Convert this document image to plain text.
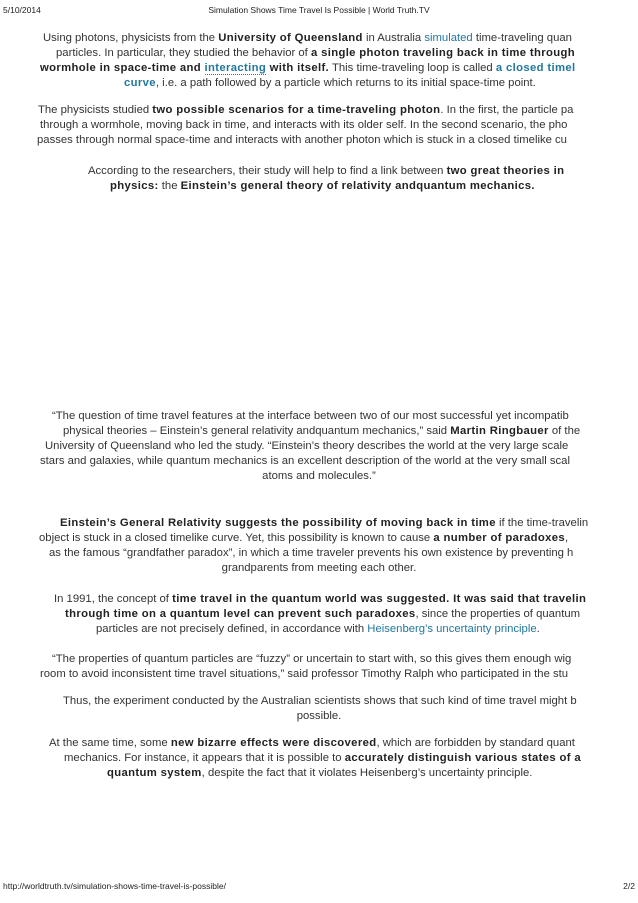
5/10/2014	Simulation Shows Time Travel Is Possible | World Truth.TV
Using photons, physicists from the University of Queensland in Australia simulated time-traveling quan
particles. In particular, they studied the behavior of a single photon traveling back in time through
wormhole in space-time and interacting with itself. This time-traveling loop is called a closed timel
curve, i.e. a path followed by a particle which returns to its initial space-time point.
The physicists studied two possible scenarios for a time-traveling photon. In the first, the particle pa
through a wormhole, moving back in time, and interacts with its older self. In the second scenario, the pho
passes through normal space-time and interacts with another photon which is stuck in a closed timelike cu
According to the researchers, their study will help to find a link between two great theories in
physics: the Einstein’s general theory of relativity andquantum mechanics.
“The question of time travel features at the interface between two of our most successful yet incompatib
physical theories – Einstein’s general relativity andquantum mechanics,” said Martin Ringbauer of the
University of Queensland who led the study. “Einstein’s theory describes the world at the very large scale
stars and galaxies, while quantum mechanics is an excellent description of the world at the very small scal
atoms and molecules.”
Einstein’s General Relativity suggests the possibility of moving back in time if the time-travelin
object is stuck in a closed timelike curve. Yet, this possibility is known to cause a number of paradoxes,
as the famous “grandfather paradox”, in which a time traveler prevents his own existence by preventing h
grandparents from meeting each other.
In 1991, the concept of time travel in the quantum world was suggested. It was said that travelin
through time on a quantum level can prevent such paradoxes, since the properties of quantum
particles are not precisely defined, in accordance with Heisenberg’s uncertainty principle.
“The properties of quantum particles are “fuzzy” or uncertain to start with, so this gives them enough wig
room to avoid inconsistent time travel situations,” said professor Timothy Ralph who participated in the stu
Thus, the experiment conducted by the Australian scientists shows that such kind of time travel might b
possible.
At the same time, some new bizarre effects were discovered, which are forbidden by standard quant
mechanics. For instance, it appears that it is possible to accurately distinguish various states of a
quantum system, despite the fact that it violates Heisenberg’s uncertainty principle.
http://worldtruth.tv/simulation-shows-time-travel-is-possible/	2/2
